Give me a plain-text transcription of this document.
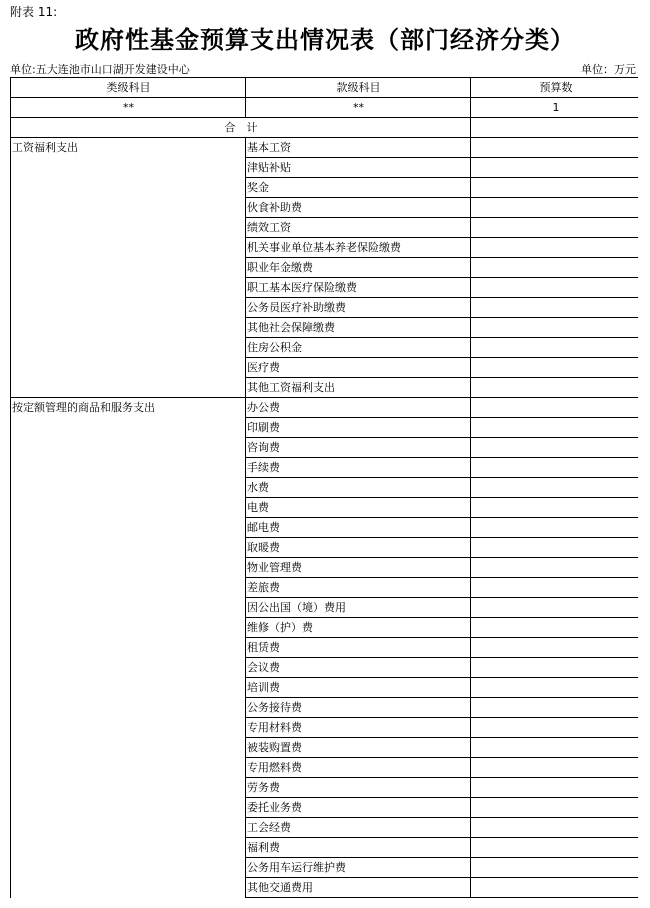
附表 11:
政府性基金预算支出情况表（部门经济分类）
单位:五大连池市山口湖开发建设中心	单位：万元
类级科目	款级科目	预算数
**	**	1
合　计		
工资福利支出	基本工资	
	津贴补贴	
	奖金	
	伙食补助费	
	绩效工资	
	机关事业单位基本养老保险缴费	
	职业年金缴费	
	职工基本医疗保险缴费	
	公务员医疗补助缴费	
	其他社会保障缴费	
	住房公积金	
	医疗费	
	其他工资福利支出	
按定额管理的商品和服务支出	办公费	
	印刷费	
	咨询费	
	手续费	
	水费	
	电费	
	邮电费	
	取暖费	
	物业管理费	
	差旅费	
	因公出国（境）费用	
	维修（护）费	
	租赁费	
	会议费	
	培训费	
	公务接待费	
	专用材料费	
	被装购置费	
	专用燃料费	
	劳务费	
	委托业务费	
	工会经费	
	福利费	
	公务用车运行维护费	
	其他交通费用	
